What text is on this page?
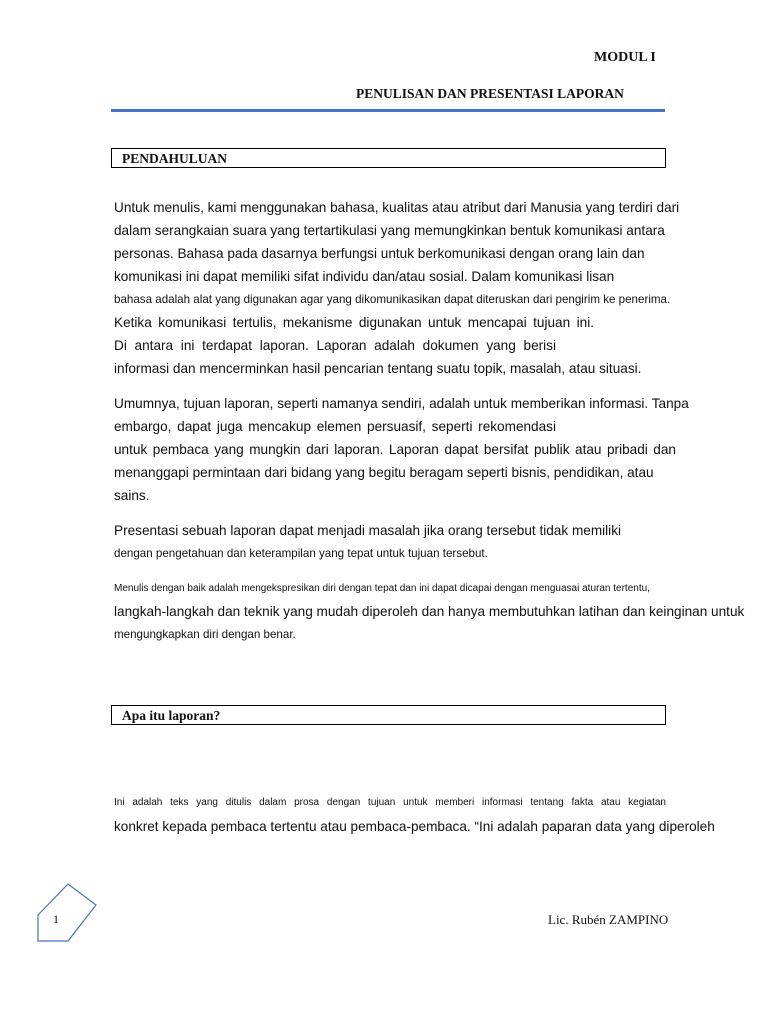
MODUL I
PENULISAN DAN PRESENTASI LAPORAN
PENDAHULUAN
Untuk menulis, kami menggunakan bahasa, kualitas atau atribut dari Manusia yang terdiri dari
dalam serangkaian suara yang tertartikulasi yang memungkinkan bentuk komunikasi antara
personas. Bahasa pada dasarnya berfungsi untuk berkomunikasi dengan orang lain dan
komunikasi ini dapat memiliki sifat individu dan/atau sosial. Dalam komunikasi lisan
bahasa adalah alat yang digunakan agar yang dikomunikasikan dapat diteruskan dari pengirim ke penerima.
Ketika komunikasi tertulis, mekanisme digunakan untuk mencapai tujuan ini.
Di antara ini terdapat laporan. Laporan adalah dokumen yang berisi
informasi dan mencerminkan hasil pencarian tentang suatu topik, masalah, atau situasi.
Umumnya, tujuan laporan, seperti namanya sendiri, adalah untuk memberikan informasi. Tanpa
embargo, dapat juga mencakup elemen persuasif, seperti rekomendasi
untuk pembaca yang mungkin dari laporan. Laporan dapat bersifat publik atau pribadi dan
menanggapi permintaan dari bidang yang begitu beragam seperti bisnis, pendidikan, atau
sains.
Presentasi sebuah laporan dapat menjadi masalah jika orang tersebut tidak memiliki
dengan pengetahuan dan keterampilan yang tepat untuk tujuan tersebut.
Menulis dengan baik adalah mengekspresikan diri dengan tepat dan ini dapat dicapai dengan menguasai aturan tertentu,
langkah-langkah dan teknik yang mudah diperoleh dan hanya membutuhkan latihan dan keinginan untuk
mengungkapkan diri dengan benar.
Apa itu laporan?
Ini adalah teks yang ditulis dalam prosa dengan tujuan untuk memberi informasi tentang fakta atau kegiatan
konkret kepada pembaca tertentu atau pembaca-pembaca. “Ini adalah paparan data yang diperoleh
1	Lic. Rubén ZAMPINO
